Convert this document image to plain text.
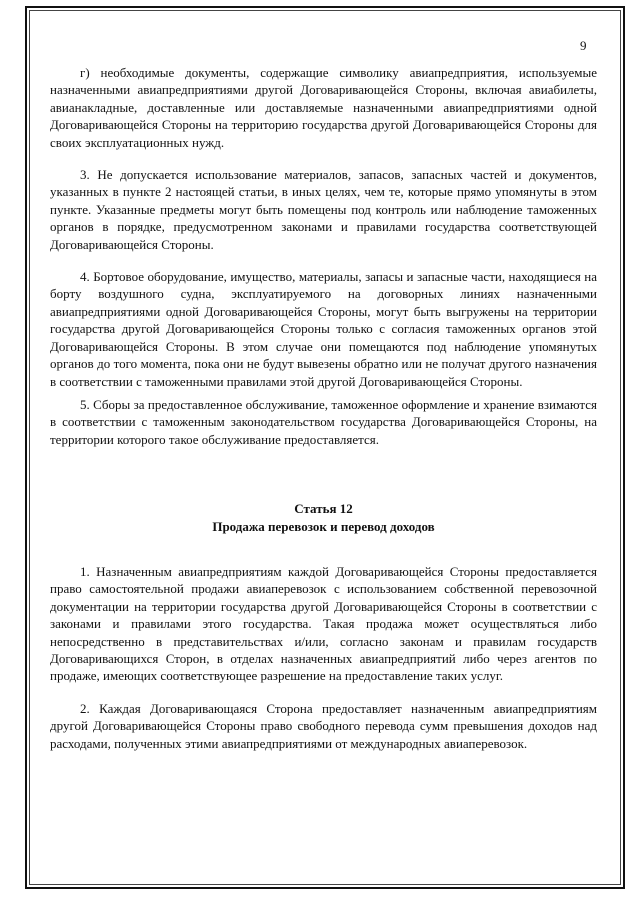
9

г) необходимые документы, содержащие символику авиапредприятия, используемые назначенными авиапредприятиями другой Договаривающейся Стороны, включая авиабилеты, авианакладные, доставленные или доставляемые назначенными авиапредприятиями одной Договаривающейся Стороны на территорию государства другой Договаривающейся Стороны для своих эксплуатационных нужд.

3. Не допускается использование материалов, запасов, запасных частей и документов, указанных в пункте 2 настоящей статьи, в иных целях, чем те, которые прямо упомянуты в этом пункте. Указанные предметы могут быть помещены под контроль или наблюдение таможенных органов в порядке, предусмотренном законами и правилами государства соответствующей Договаривающейся Стороны.

4. Бортовое оборудование, имущество, материалы, запасы и запасные части, находящиеся на борту воздушного судна, эксплуатируемого на договорных линиях назначенными авиапредприятиями одной Договаривающейся Стороны, могут быть выгружены на территории государства другой Договаривающейся Стороны только с согласия таможенных органов этой Договаривающейся Стороны. В этом случае они помещаются под наблюдение упомянутых органов до того момента, пока они не будут вывезены обратно или не получат другого назначения в соответствии с таможенными правилами этой другой Договаривающейся Стороны.

5. Сборы за предоставленное обслуживание, таможенное оформление и хранение взимаются в соответствии с таможенным законодательством государства Договаривающейся Стороны, на территории которого такое обслуживание предоставляется.

Статья 12

Продажа перевозок и перевод доходов

1. Назначенным авиапредприятиям каждой Договаривающейся Стороны предоставляется право самостоятельной продажи авиаперевозок с использованием собственной перевозочной документации на территории государства другой Договаривающейся Стороны в соответствии с законами и правилами этого государства. Такая продажа может осуществляться либо непосредственно в представительствах и/или, согласно законам и правилам государств Договаривающихся Сторон, в отделах назначенных авиапредприятий либо через агентов по продаже, имеющих соответствующее разрешение на предоставление таких услуг.

2. Каждая Договаривающаяся Сторона предоставляет назначенным авиапредприятиям другой Договаривающейся Стороны право свободного перевода сумм превышения доходов над расходами, полученных этими авиапредприятиями от международных авиаперевозок.
